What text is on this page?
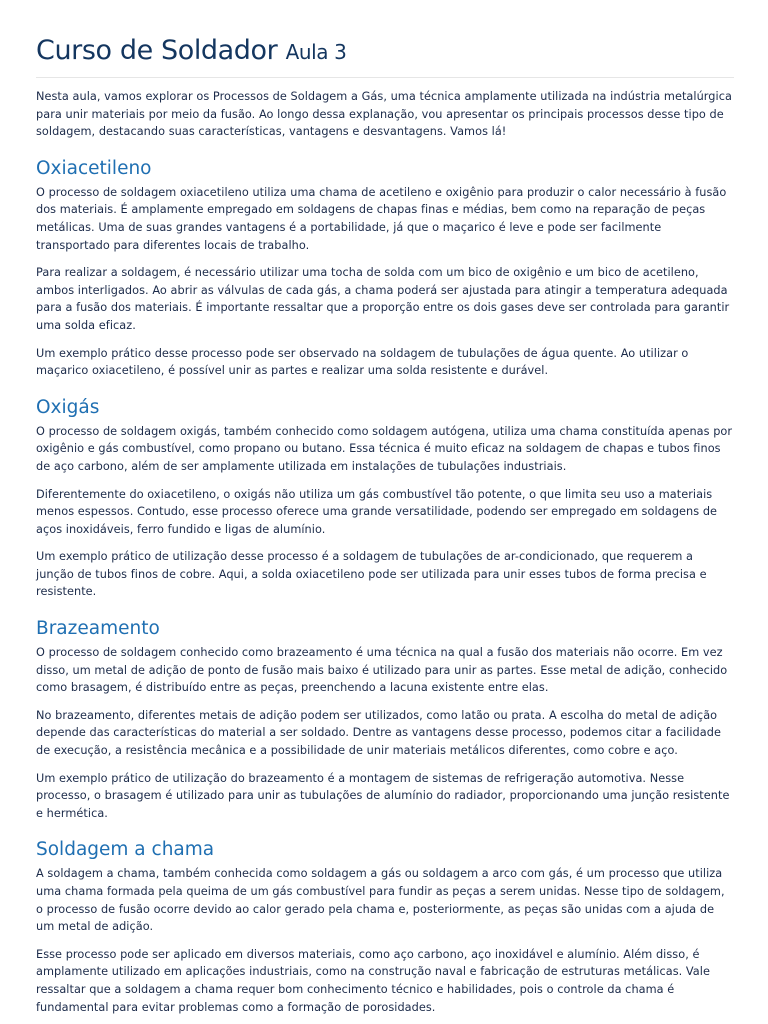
Curso de Soldador Aula 3

Nesta aula, vamos explorar os Processos de Soldagem a Gás, uma técnica amplamente utilizada na indústria metalúrgica para unir materiais por meio da fusão. Ao longo dessa explanação, vou apresentar os principais processos desse tipo de soldagem, destacando suas características, vantagens e desvantagens. Vamos lá!

Oxiacetileno

O processo de soldagem oxiacetileno utiliza uma chama de acetileno e oxigênio para produzir o calor necessário à fusão dos materiais. É amplamente empregado em soldagens de chapas finas e médias, bem como na reparação de peças metálicas. Uma de suas grandes vantagens é a portabilidade, já que o maçarico é leve e pode ser facilmente transportado para diferentes locais de trabalho.

Para realizar a soldagem, é necessário utilizar uma tocha de solda com um bico de oxigênio e um bico de acetileno, ambos interligados. Ao abrir as válvulas de cada gás, a chama poderá ser ajustada para atingir a temperatura adequada para a fusão dos materiais. É importante ressaltar que a proporção entre os dois gases deve ser controlada para garantir uma solda eficaz.

Um exemplo prático desse processo pode ser observado na soldagem de tubulações de água quente. Ao utilizar o maçarico oxiacetileno, é possível unir as partes e realizar uma solda resistente e durável.

Oxigás

O processo de soldagem oxigás, também conhecido como soldagem autógena, utiliza uma chama constituída apenas por oxigênio e gás combustível, como propano ou butano. Essa técnica é muito eficaz na soldagem de chapas e tubos finos de aço carbono, além de ser amplamente utilizada em instalações de tubulações industriais.

Diferentemente do oxiacetileno, o oxigás não utiliza um gás combustível tão potente, o que limita seu uso a materiais menos espessos. Contudo, esse processo oferece uma grande versatilidade, podendo ser empregado em soldagens de aços inoxidáveis, ferro fundido e ligas de alumínio.

Um exemplo prático de utilização desse processo é a soldagem de tubulações de ar-condicionado, que requerem a junção de tubos finos de cobre. Aqui, a solda oxiacetileno pode ser utilizada para unir esses tubos de forma precisa e resistente.

Brazeamento

O processo de soldagem conhecido como brazeamento é uma técnica na qual a fusão dos materiais não ocorre. Em vez disso, um metal de adição de ponto de fusão mais baixo é utilizado para unir as partes. Esse metal de adição, conhecido como brasagem, é distribuído entre as peças, preenchendo a lacuna existente entre elas.

No brazeamento, diferentes metais de adição podem ser utilizados, como latão ou prata. A escolha do metal de adição depende das características do material a ser soldado. Dentre as vantagens desse processo, podemos citar a facilidade de execução, a resistência mecânica e a possibilidade de unir materiais metálicos diferentes, como cobre e aço.

Um exemplo prático de utilização do brazeamento é a montagem de sistemas de refrigeração automotiva. Nesse processo, o brasagem é utilizado para unir as tubulações de alumínio do radiador, proporcionando uma junção resistente e hermética.

Soldagem a chama

A soldagem a chama, também conhecida como soldagem a gás ou soldagem a arco com gás, é um processo que utiliza uma chama formada pela queima de um gás combustível para fundir as peças a serem unidas. Nesse tipo de soldagem, o processo de fusão ocorre devido ao calor gerado pela chama e, posteriormente, as peças são unidas com a ajuda de um metal de adição.

Esse processo pode ser aplicado em diversos materiais, como aço carbono, aço inoxidável e alumínio. Além disso, é amplamente utilizado em aplicações industriais, como na construção naval e fabricação de estruturas metálicas. Vale ressaltar que a soldagem a chama requer bom conhecimento técnico e habilidades, pois o controle da chama é fundamental para evitar problemas como a formação de porosidades.
